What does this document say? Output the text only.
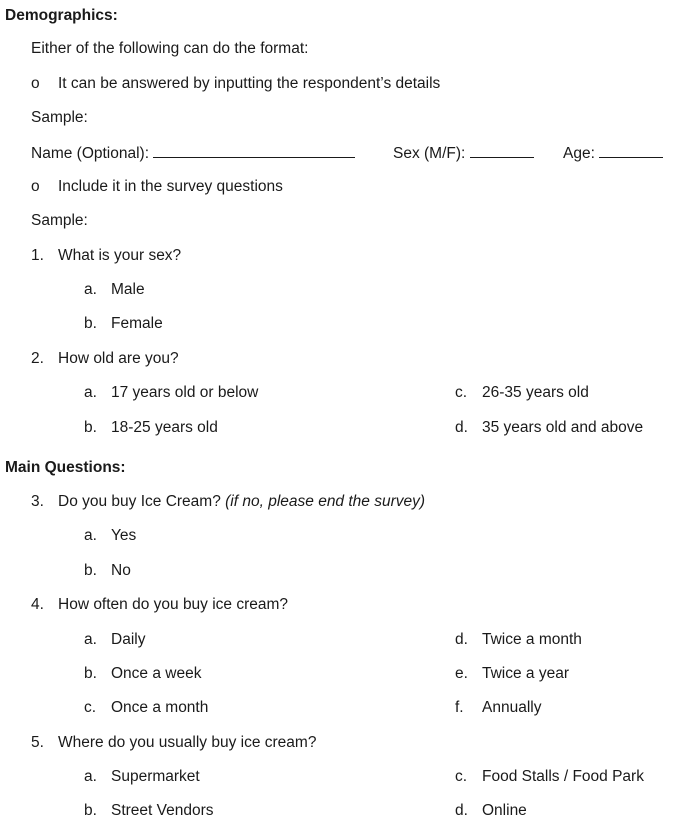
Demographics:
Either of the following can do the format:
o	It can be answered by inputting the respondent’s details
Sample:
Name (Optional):	Sex (M/F):	Age:
o	Include it in the survey questions
Sample:
1. What is your sex?
a. Male
b. Female
2. How old are you?
a. 17 years old or below	c. 26-35 years old
b. 18-25 years old	d. 35 years old and above
Main Questions:
3. Do you buy Ice Cream? (if no, please end the survey)
a. Yes
b. No
4. How often do you buy ice cream?
a. Daily	d. Twice a month
b. Once a week	e. Twice a year
c. Once a month	f.	Annually
5. Where do you usually buy ice cream?
a. Supermarket	c. Food Stalls / Food Park
b. Street Vendors	d. Online
